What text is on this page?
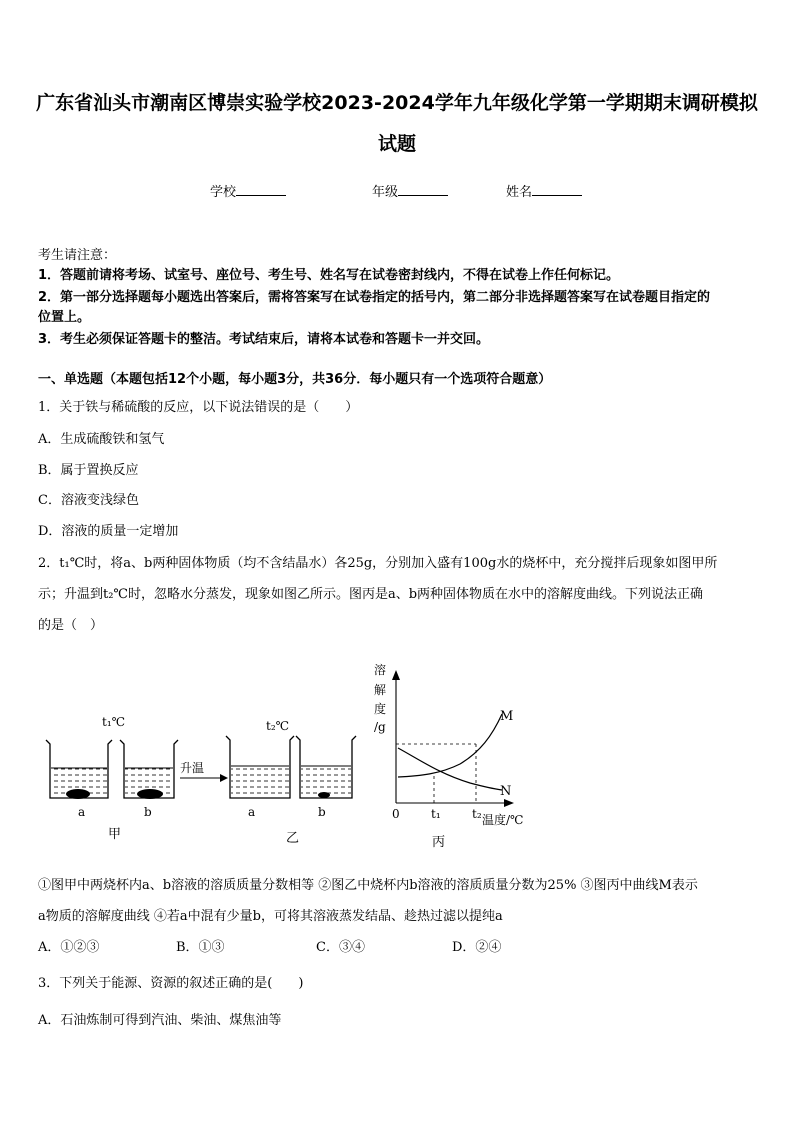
广东省汕头市潮南区博崇实验学校2023-2024学年九年级化学第一学期期末调研模拟
试题
学校	年级	姓名
考生请注意：
1．答题前请将考场、试室号、座位号、考生号、姓名写在试卷密封线内，不得在试卷上作任何标记。
2．第一部分选择题每小题选出答案后，需将答案写在试卷指定的括号内，第二部分非选择题答案写在试卷题目指定的
位置上。
3．考生必须保证答题卡的整洁。考试结束后，请将本试卷和答题卡一并交回。
一、单选题（本题包括12个小题，每小题3分，共36分．每小题只有一个选项符合题意）
1．关于铁与稀硫酸的反应，以下说法错误的是（　　）
A．生成硫酸铁和氢气
B．属于置换反应
C．溶液变浅绿色
D．溶液的质量一定增加
2．t₁℃时，将a、b两种固体物质（均不含结晶水）各25g，分别加入盛有100g水的烧杯中，充分搅拌后现象如图甲所
示；升温到t₂℃时，忽略水分蒸发，现象如图乙所示。图丙是a、b两种固体物质在水中的溶解度曲线。下列说法正确
的是（　）
t₁℃
a	b
甲
升温
t₂℃
a	b
乙
溶
解
度
/g
M
N
0	t₁	t₂ 温度/℃
丙
①图甲中两烧杯内a、b溶液的溶质质量分数相等 ②图乙中烧杯内b溶液的溶质质量分数为25% ③图丙中曲线M表示
a物质的溶解度曲线 ④若a中混有少量b，可将其溶液蒸发结晶、趁热过滤以提纯a
A．①②③	B．①③	C．③④	D．②④
3．下列关于能源、资源的叙述正确的是(　　)
A．石油炼制可得到汽油、柴油、煤焦油等
